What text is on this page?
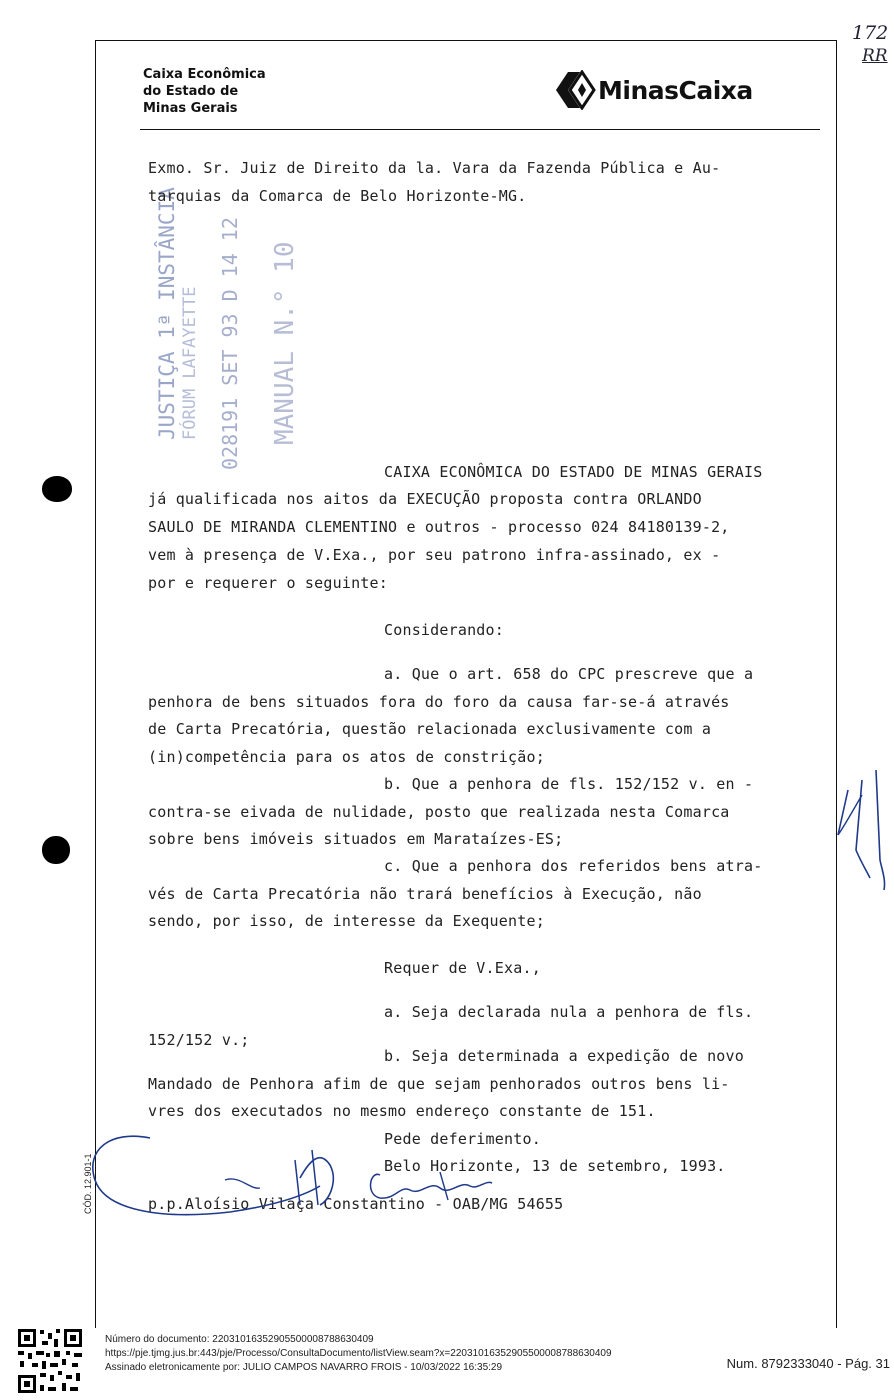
172
RR
Caixa Econômica
do Estado de
Minas Gerais
MinasCaixa
JUSTIÇA 1ª INSTÂNCIA FÓRUM LAFAYETTE 028191 SET 93 D 14 12 MANUAL N.° 10
Exmo. Sr. Juiz de Direito da la. Vara da Fazenda Pública e Au-
tarquias da Comarca de Belo Horizonte-MG.
CAIXA ECONÔMICA DO ESTADO DE MINAS GERAIS
já qualificada nos aitos da EXECUÇÃO proposta contra ORLANDO
SAULO DE MIRANDA CLEMENTINO e outros - processo 024 84180139-2,
vem à presença de V.Exa., por seu patrono infra-assinado, ex -
por e requerer o seguinte:
Considerando:
a. Que o art. 658 do CPC prescreve que a
penhora de bens situados fora do foro da causa far-se-á através
de Carta Precatória, questão relacionada exclusivamente com a
(in)competência para os atos de constrição;
b. Que a penhora de fls. 152/152 v. en -
contra-se eivada de nulidade, posto que realizada nesta Comarca
sobre bens imóveis situados em Marataízes-ES;
c. Que a penhora dos referidos bens atra-
vés de Carta Precatória não trará benefícios à Execução, não
sendo, por isso, de interesse da Exequente;
Requer de V.Exa.,
a. Seja declarada nula a penhora de fls.
152/152 v.;
b. Seja determinada a expedição de novo
Mandado de Penhora afim de que sejam penhorados outros bens li-
vres dos executados no mesmo endereço constante de 151.
Pede deferimento.
Belo Horizonte, 13 de setembro, 1993.
p.p.Aloísio Vilaça Constantino - OAB/MG 54655
CÓD. 12.901-1
Número do documento: 22031016352905500008788630409
https://pje.tjmg.jus.br:443/pje/Processo/ConsultaDocumento/listView.seam?x=22031016352905500008788630409
Assinado eletronicamente por: JULIO CAMPOS NAVARRO FROIS - 10/03/2022 16:35:29	Num. 8792333040 - Pág. 31
